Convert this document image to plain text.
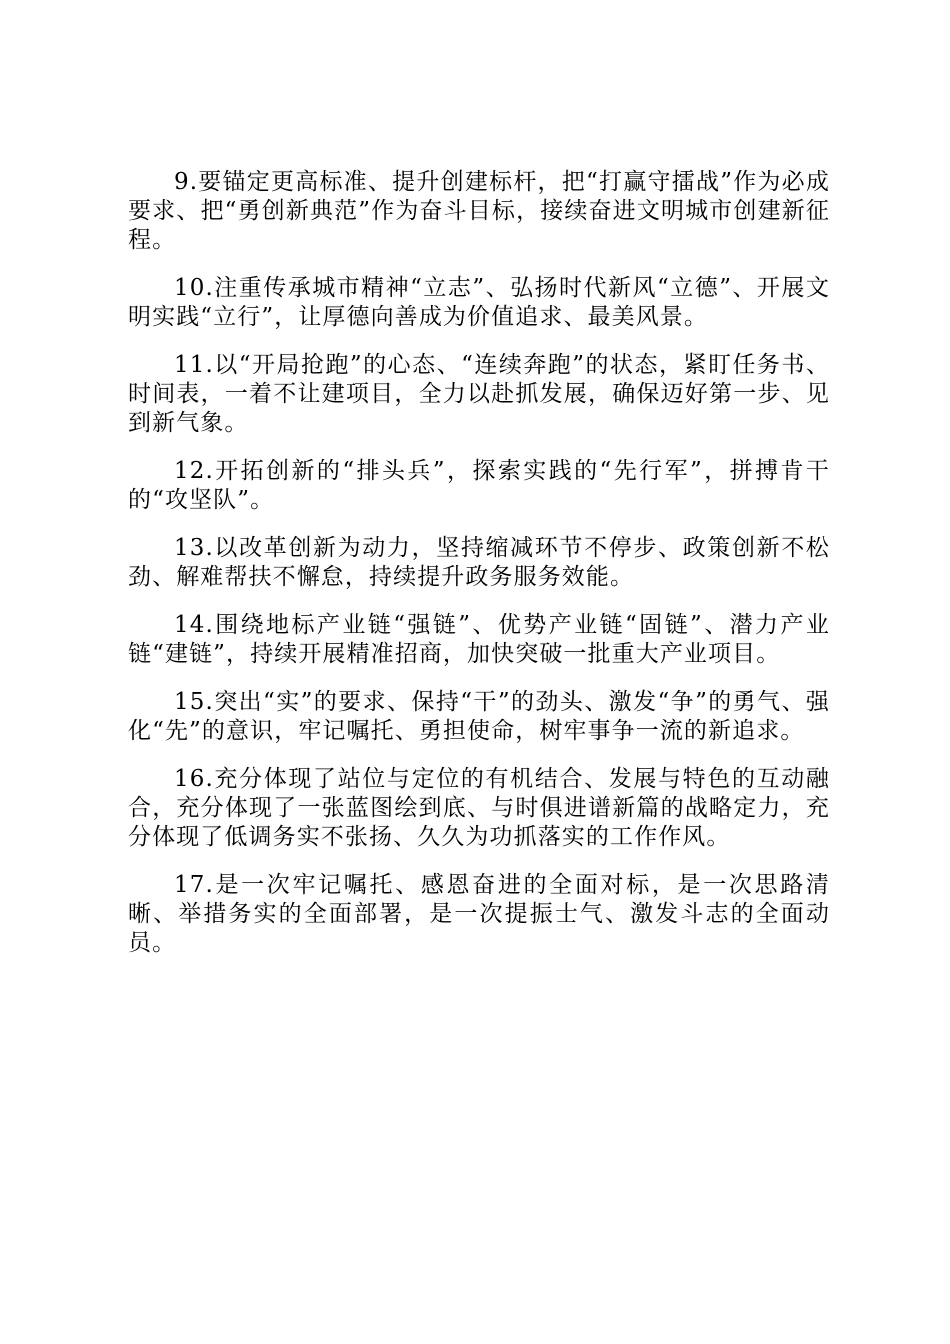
9.要锚定更高标准、提升创建标杆，把“打赢守擂战”作为必成要求、把“勇创新典范”作为奋斗目标，接续奋进文明城市创建新征程。

10.注重传承城市精神“立志”、弘扬时代新风“立德”、开展文明实践“立行”，让厚德向善成为价值追求、最美风景。

11.以“开局抢跑”的心态、“连续奔跑”的状态，紧盯任务书、时间表，一着不让建项目，全力以赴抓发展，确保迈好第一步、见到新气象。

12.开拓创新的“排头兵”，探索实践的“先行军”，拼搏肯干的“攻坚队”。

13.以改革创新为动力，坚持缩减环节不停步、政策创新不松劲、解难帮扶不懈怠，持续提升政务服务效能。

14.围绕地标产业链“强链”、优势产业链“固链”、潜力产业链“建链”，持续开展精准招商，加快突破一批重大产业项目。

15.突出“实”的要求、保持“干”的劲头、激发“争”的勇气、强化“先”的意识，牢记嘱托、勇担使命，树牢事争一流的新追求。

16.充分体现了站位与定位的有机结合、发展与特色的互动融合，充分体现了一张蓝图绘到底、与时俱进谱新篇的战略定力，充分体现了低调务实不张扬、久久为功抓落实的工作作风。

17.是一次牢记嘱托、感恩奋进的全面对标，是一次思路清晰、举措务实的全面部署，是一次提振士气、激发斗志的全面动员。
